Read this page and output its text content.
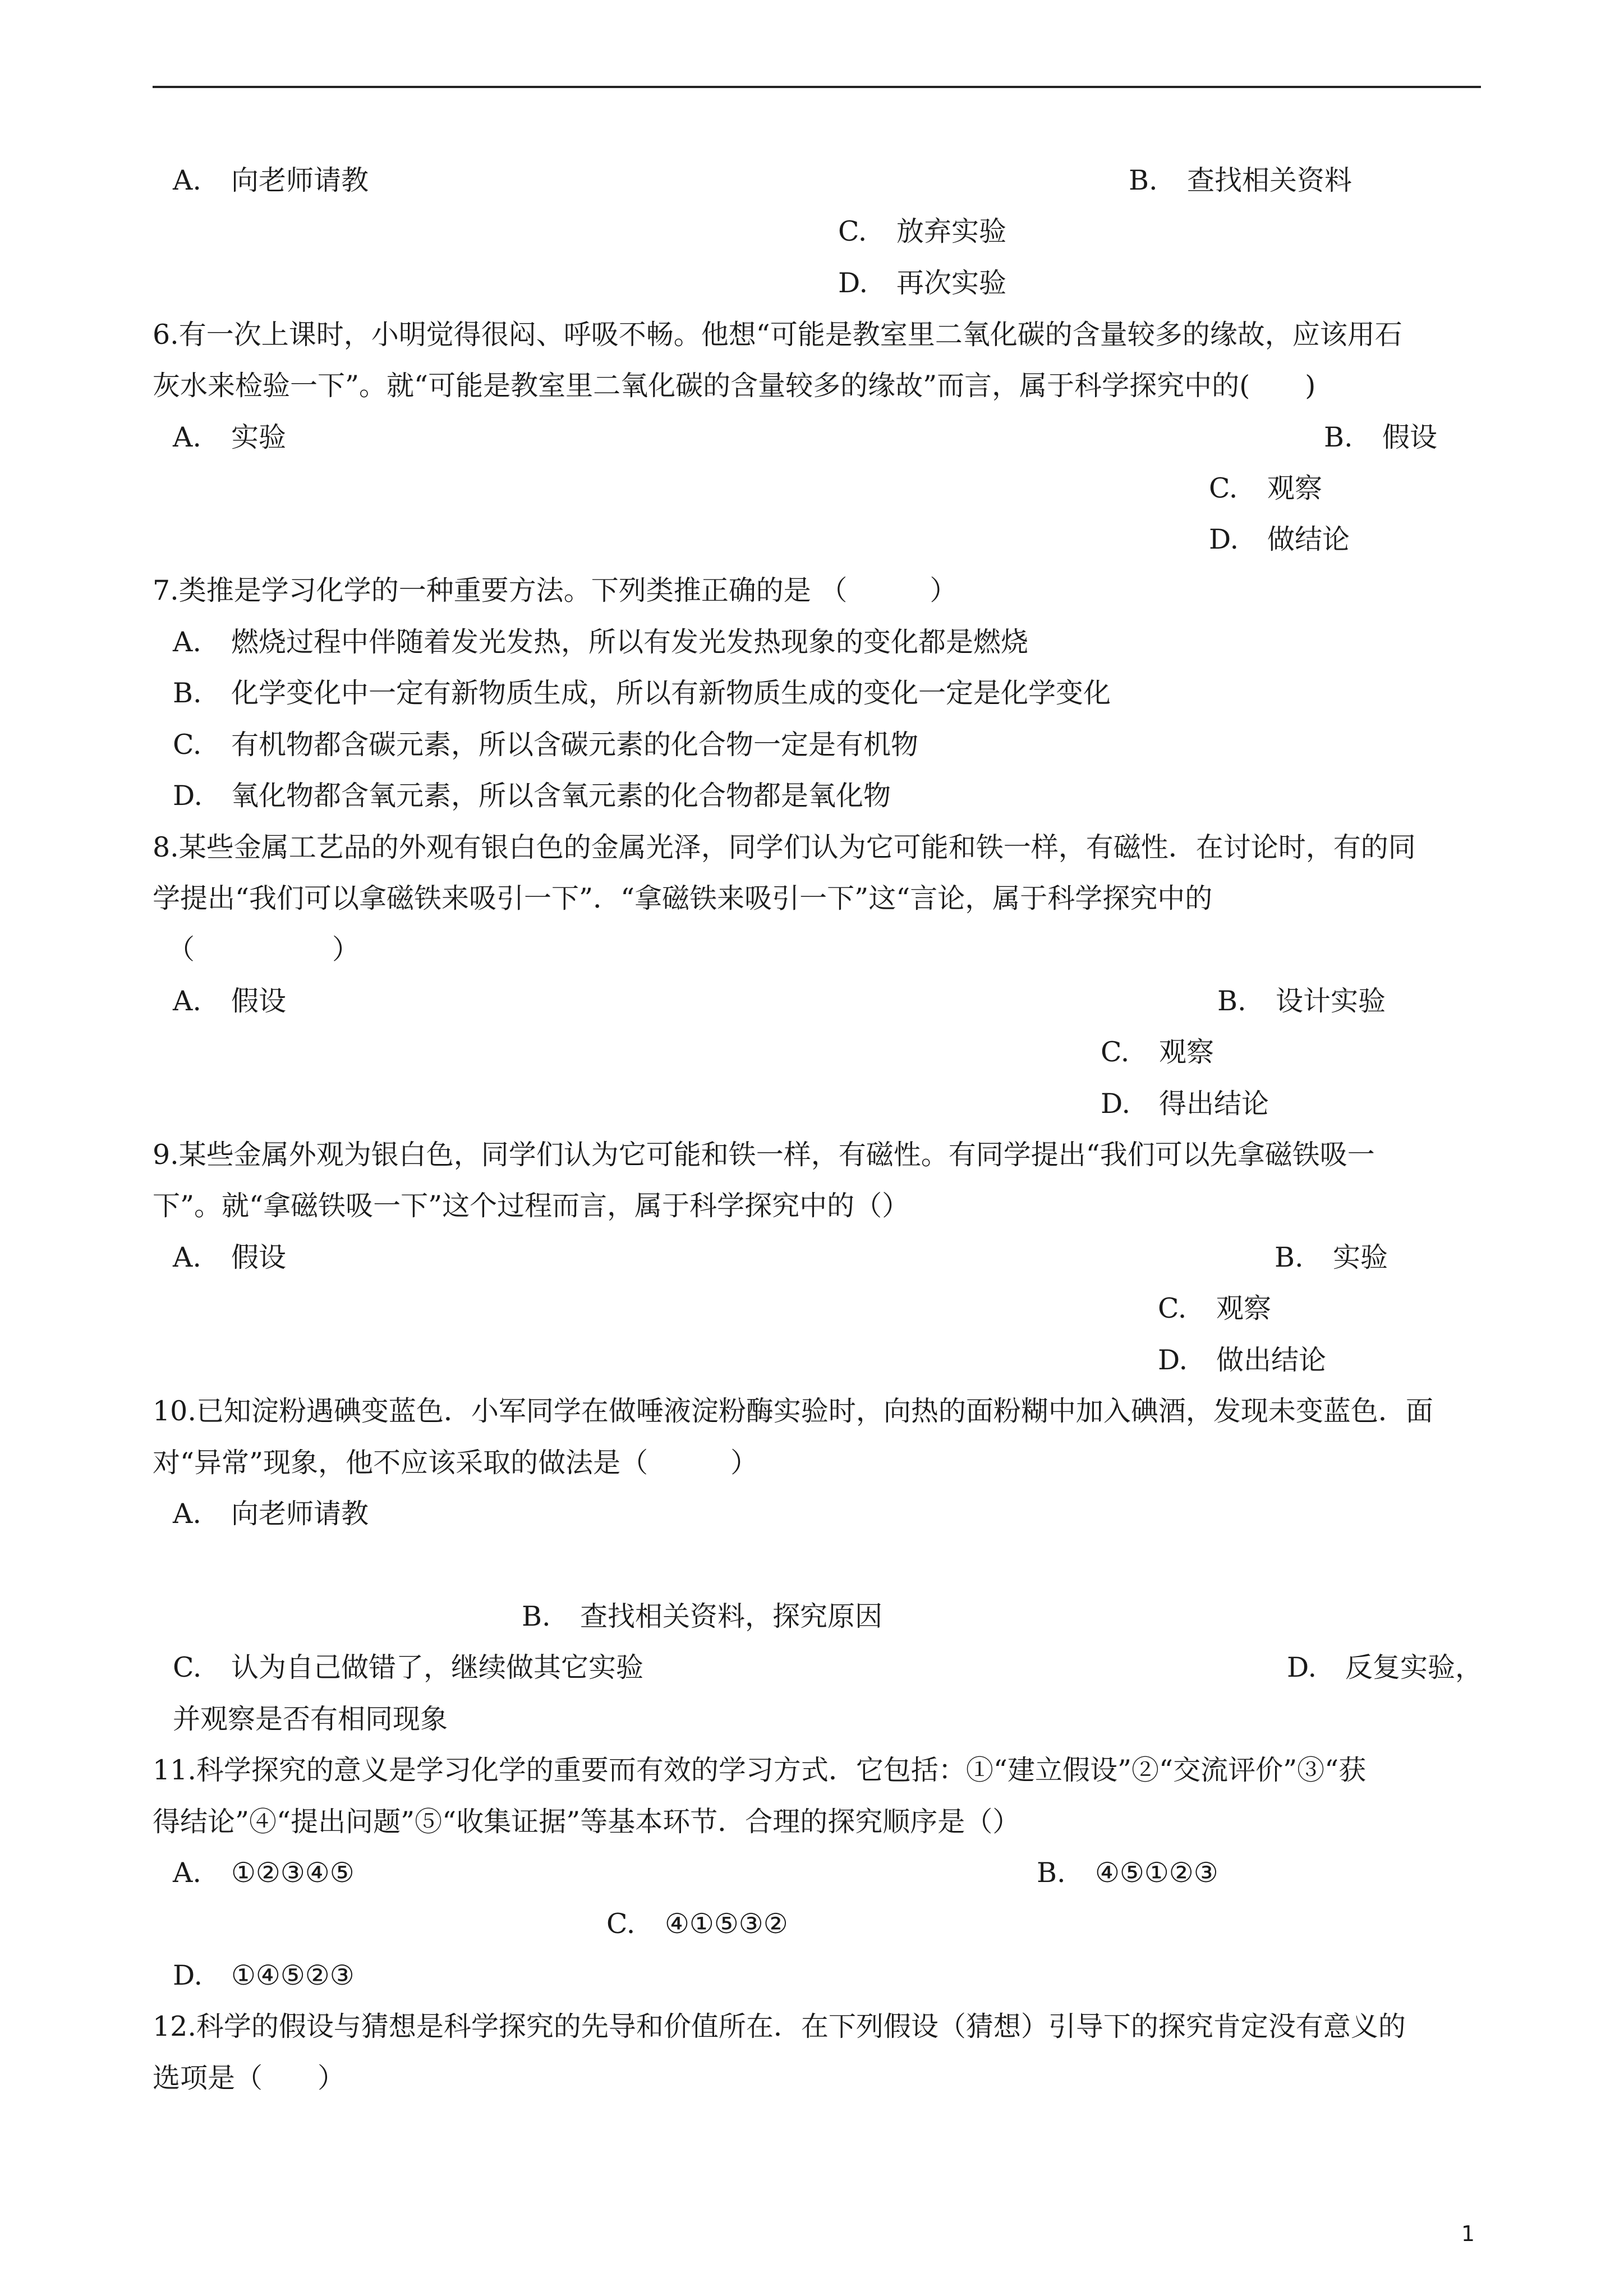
A. 向老师请教	B. 查找相关资料
C. 放弃实验
D. 再次实验
6.有一次上课时，小明觉得很闷、呼吸不畅。他想“可能是教室里二氧化碳的含量较多的缘故，应该用石
灰水来检验一下”。就“可能是教室里二氧化碳的含量较多的缘故”而言，属于科学探究中的(　　)
A. 实验	B. 假设
C. 观察
D. 做结论
7.类推是学习化学的一种重要方法。下列类推正确的是 （　　　）
A. 燃烧过程中伴随着发光发热，所以有发光发热现象的变化都是燃烧
B. 化学变化中一定有新物质生成，所以有新物质生成的变化一定是化学变化
C. 有机物都含碳元素，所以含碳元素的化合物一定是有机物
D. 氧化物都含氧元素，所以含氧元素的化合物都是氧化物
8.某些金属工艺品的外观有银白色的金属光泽，同学们认为它可能和铁一样，有磁性．在讨论时，有的同
学提出“我们可以拿磁铁来吸引一下”．“拿磁铁来吸引一下”这“言论，属于科学探究中的
（　　　　　）
A. 假设	B. 设计实验
C. 观察
D. 得出结论
9.某些金属外观为银白色，同学们认为它可能和铁一样，有磁性。有同学提出“我们可以先拿磁铁吸一
下”。就“拿磁铁吸一下”这个过程而言，属于科学探究中的（）
A. 假设	B. 实验
C. 观察
D. 做出结论
10.已知淀粉遇碘变蓝色．小军同学在做唾液淀粉酶实验时，向热的面粉糊中加入碘酒，发现未变蓝色．面
对“异常”现象，他不应该采取的做法是（　　　）
A. 向老师请教
B. 查找相关资料，探究原因
C. 认为自己做错了，继续做其它实验	D. 反复实验，
并观察是否有相同现象
11.科学探究的意义是学习化学的重要而有效的学习方式．它包括：①“建立假设”②“交流评价”③“获
得结论”④“提出问题”⑤“收集证据”等基本环节．合理的探究顺序是（）
A. ①②③④⑤	B. ④⑤①②③
C. ④①⑤③②
D. ①④⑤②③
12.科学的假设与猜想是科学探究的先导和价值所在．在下列假设（猜想）引导下的探究肯定没有意义的
选项是（　　）
1
